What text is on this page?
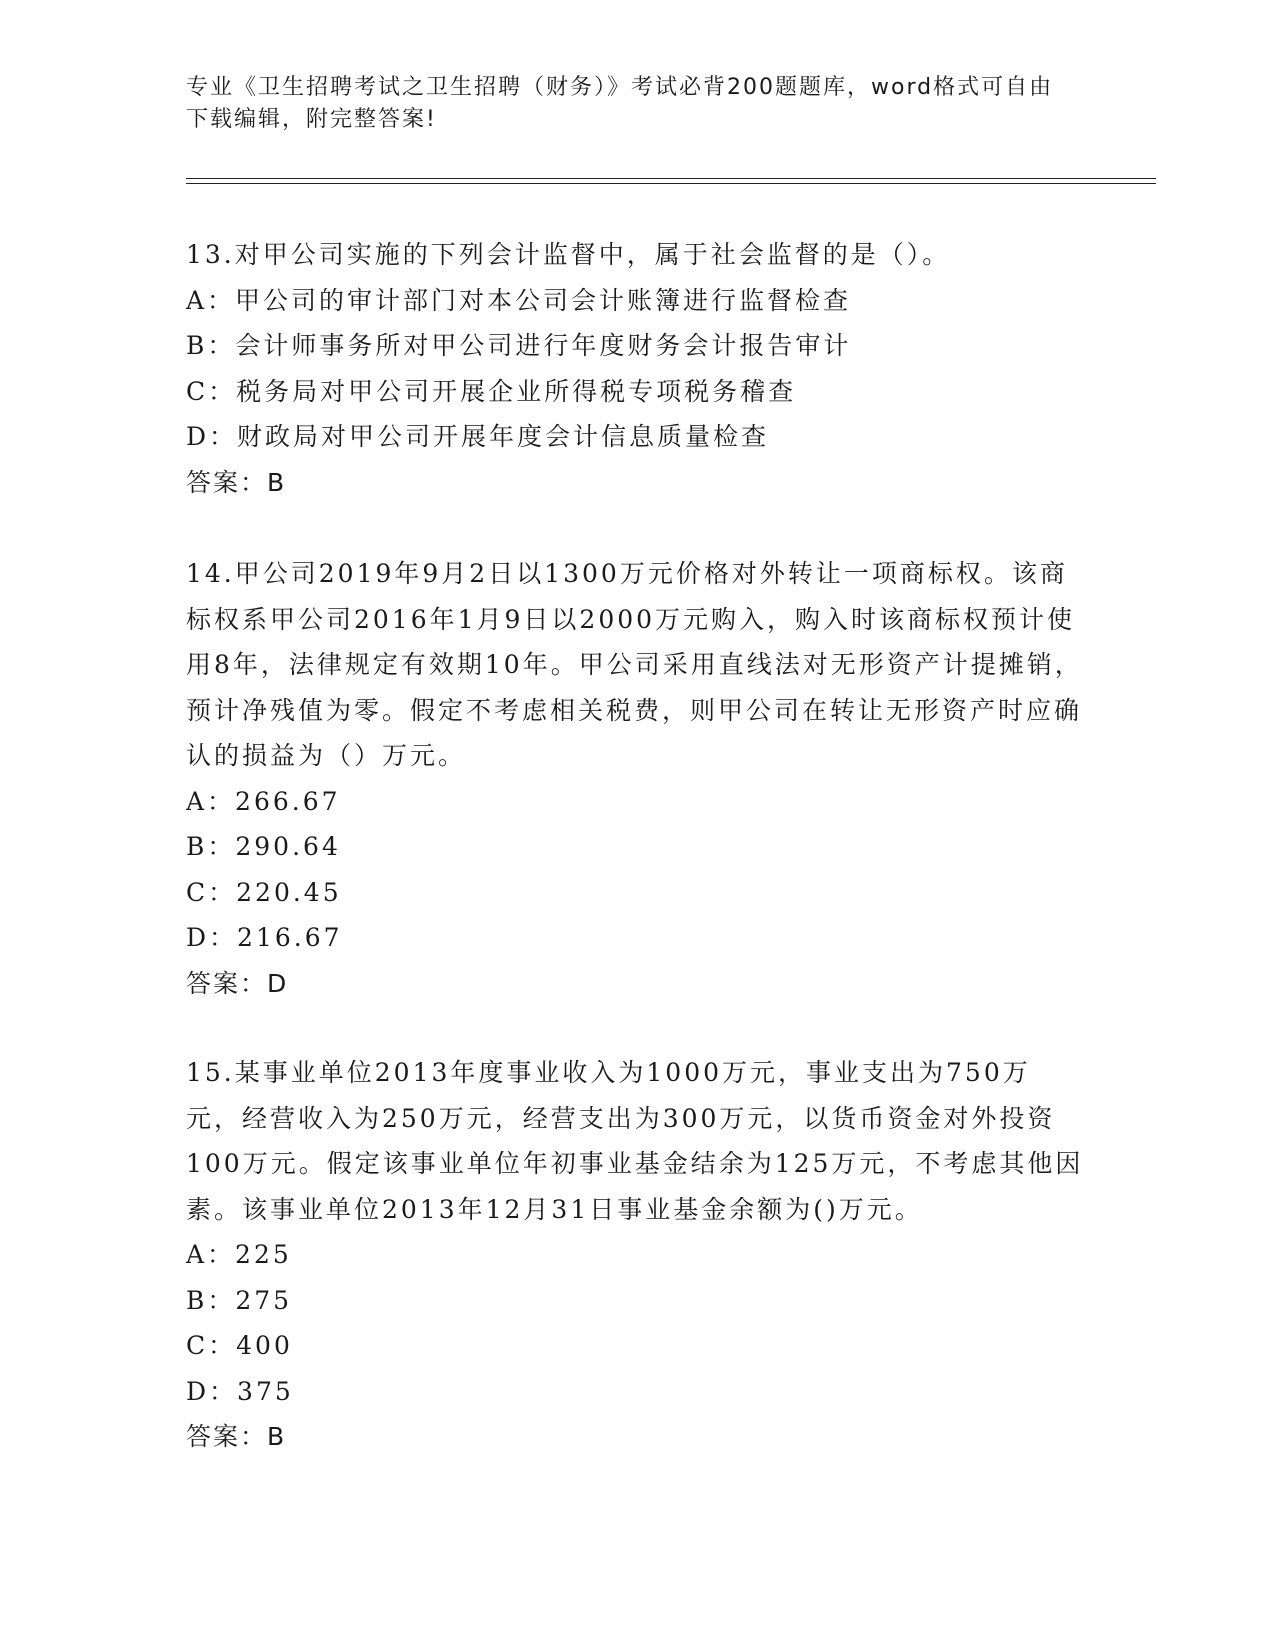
专业《卫生招聘考试之卫生招聘（财务）》考试必背200题题库，word格式可自由下载编辑，附完整答案!

13.对甲公司实施的下列会计监督中，属于社会监督的是（）。

A：甲公司的审计部门对本公司会计账簿进行监督检查

B：会计师事务所对甲公司进行年度财务会计报告审计

C：税务局对甲公司开展企业所得税专项税务稽查

D：财政局对甲公司开展年度会计信息质量检查

答案：B

14.甲公司2019年9月2日以1300万元价格对外转让一项商标权。该商标权系甲公司2016年1月9日以2000万元购入，购入时该商标权预计使用8年，法律规定有效期10年。甲公司采用直线法对无形资产计提摊销，预计净残值为零。假定不考虑相关税费，则甲公司在转让无形资产时应确认的损益为（）万元。

A：266.67

B：290.64

C：220.45

D：216.67

答案：D

15.某事业单位2013年度事业收入为1000万元，事业支出为750万元，经营收入为250万元，经营支出为300万元，以货币资金对外投资100万元。假定该事业单位年初事业基金结余为125万元，不考虑其他因素。该事业单位2013年12月31日事业基金余额为()万元。

A：225

B：275

C：400

D：375

答案：B
